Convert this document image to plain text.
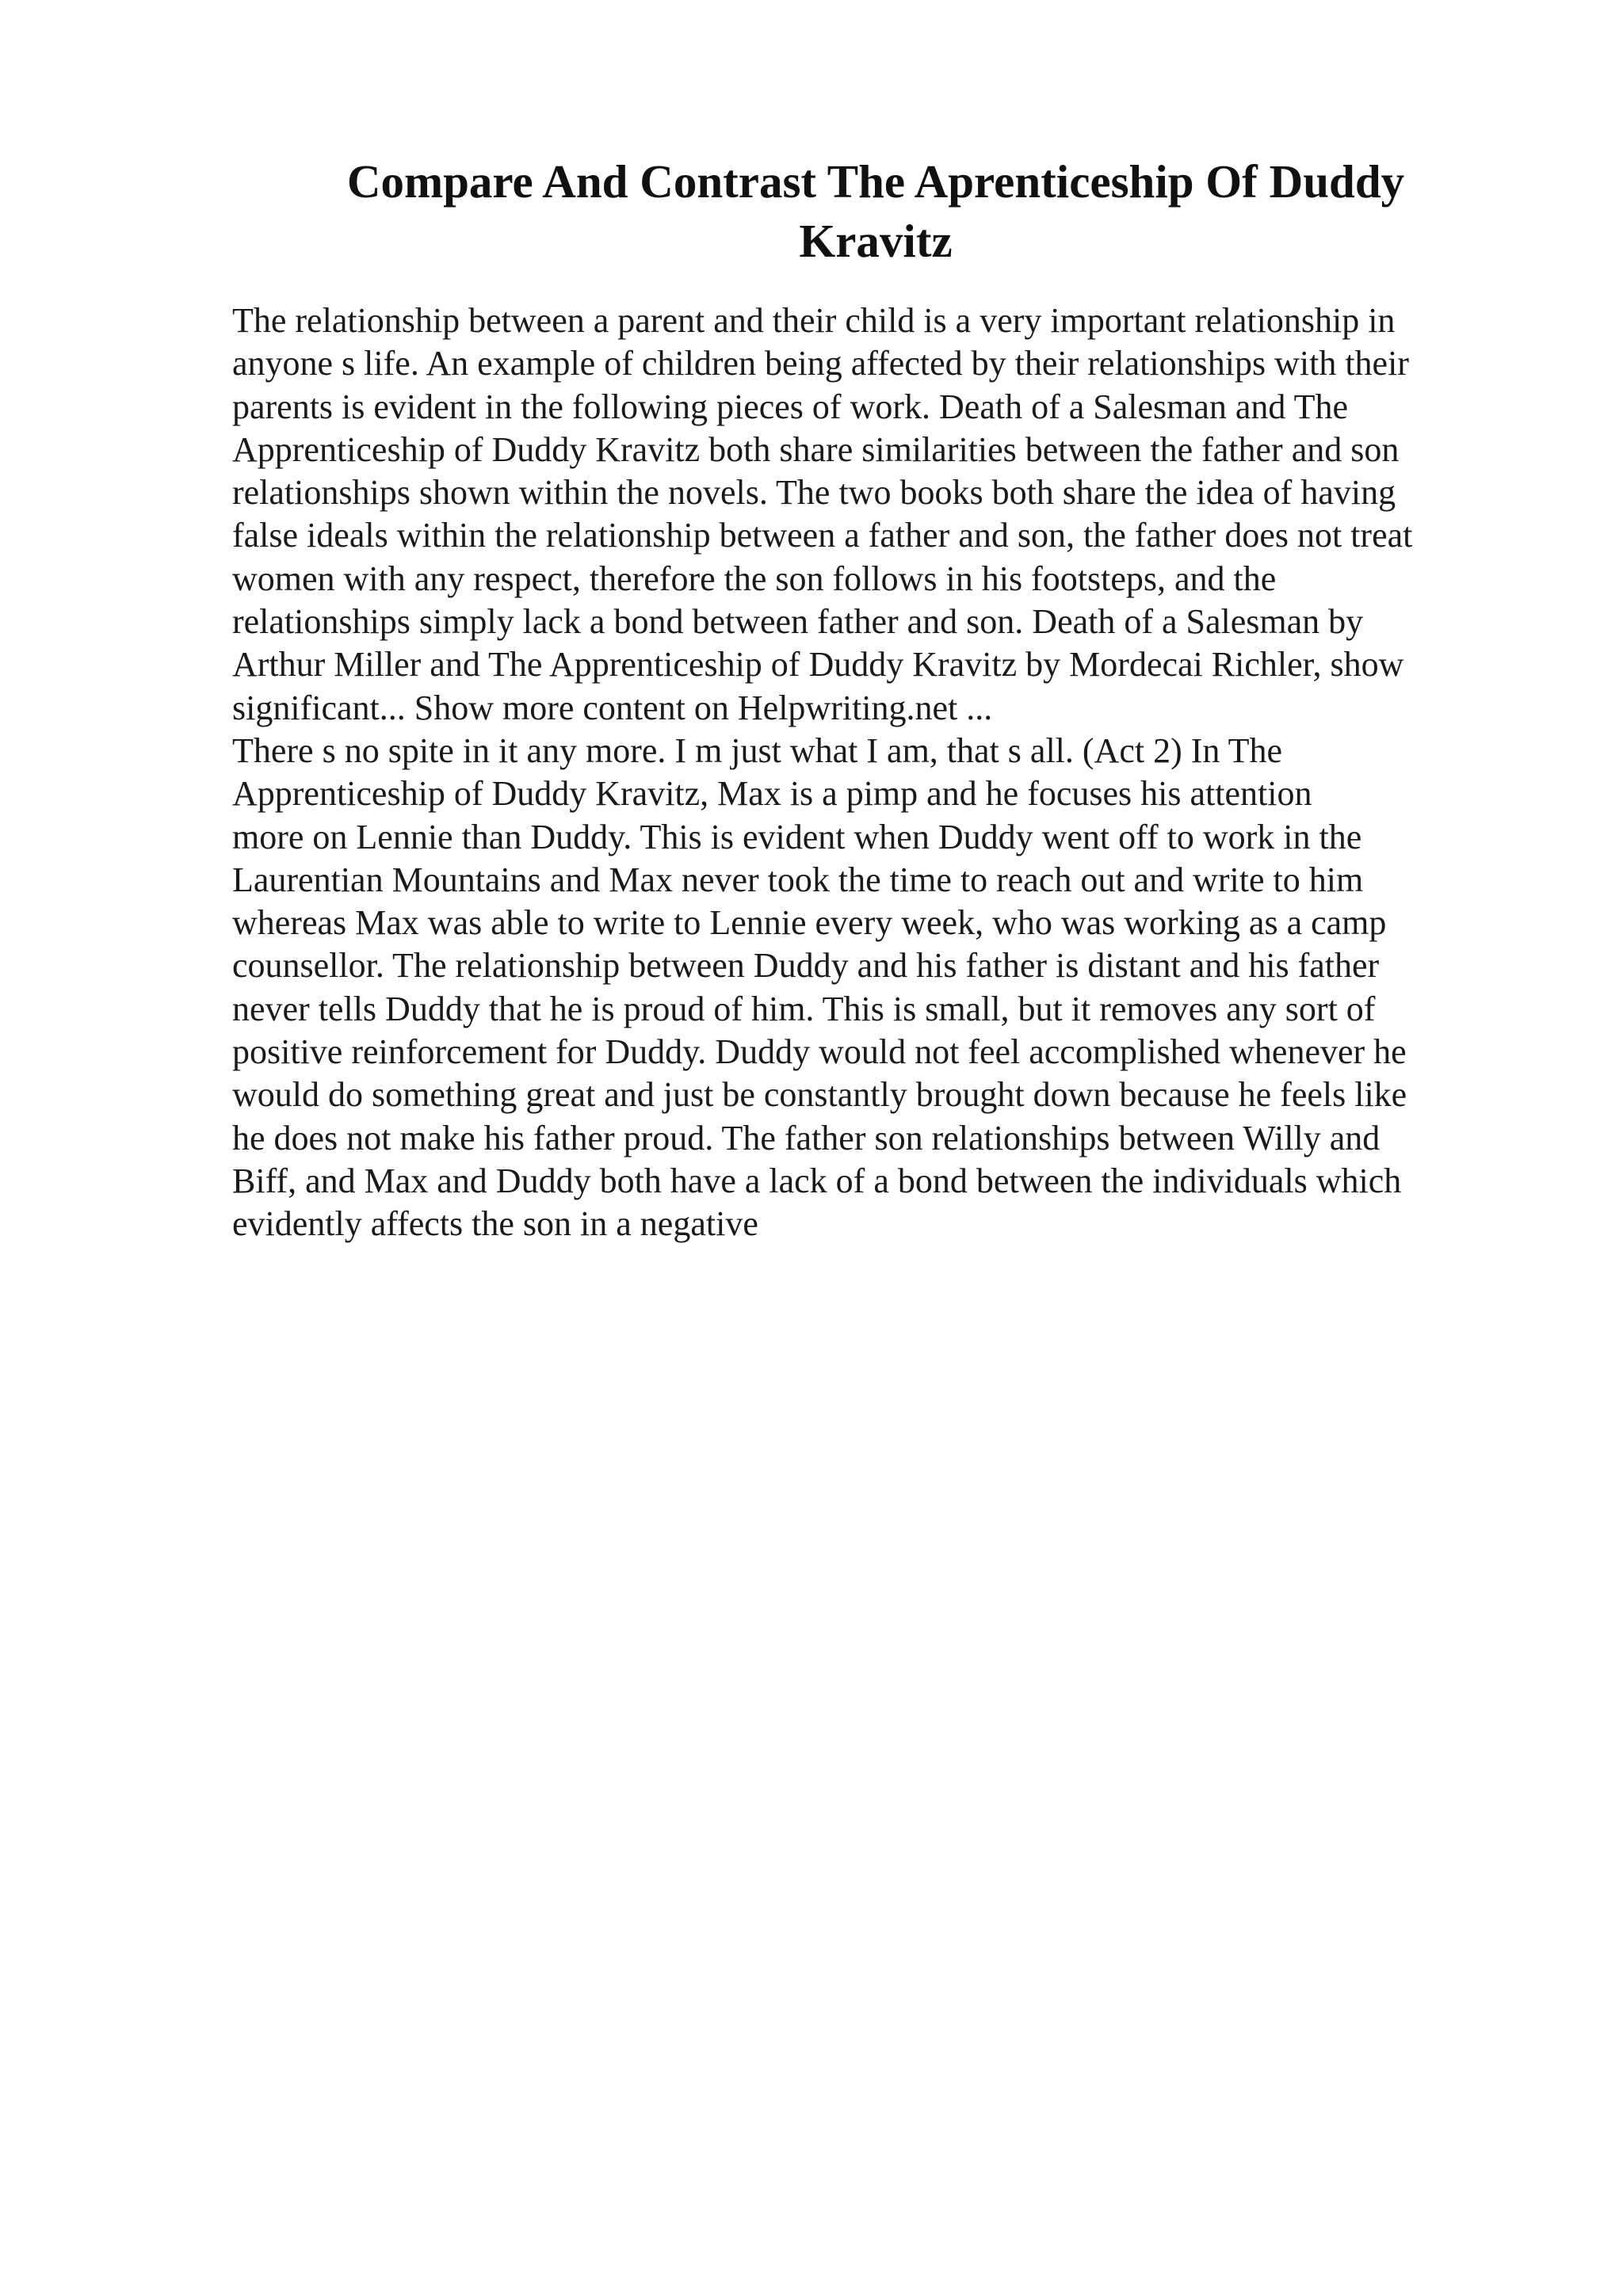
Compare And Contrast The Aprenticeship Of Duddy
Kravitz
The relationship between a parent and their child is a very important relationship in
anyone s life. An example of children being affected by their relationships with their
parents is evident in the following pieces of work. Death of a Salesman and The
Apprenticeship of Duddy Kravitz both share similarities between the father and son
relationships shown within the novels. The two books both share the idea of having
false ideals within the relationship between a father and son, the father does not treat
women with any respect, therefore the son follows in his footsteps, and the
relationships simply lack a bond between father and son. Death of a Salesman by
Arthur Miller and The Apprenticeship of Duddy Kravitz by Mordecai Richler, show
significant... Show more content on Helpwriting.net ...
There s no spite in it any more. I m just what I am, that s all. (Act 2) In The
Apprenticeship of Duddy Kravitz, Max is a pimp and he focuses his attention
more on Lennie than Duddy. This is evident when Duddy went off to work in the
Laurentian Mountains and Max never took the time to reach out and write to him
whereas Max was able to write to Lennie every week, who was working as a camp
counsellor. The relationship between Duddy and his father is distant and his father
never tells Duddy that he is proud of him. This is small, but it removes any sort of
positive reinforcement for Duddy. Duddy would not feel accomplished whenever he
would do something great and just be constantly brought down because he feels like
he does not make his father proud. The father son relationships between Willy and
Biff, and Max and Duddy both have a lack of a bond between the individuals which
evidently affects the son in a negative
